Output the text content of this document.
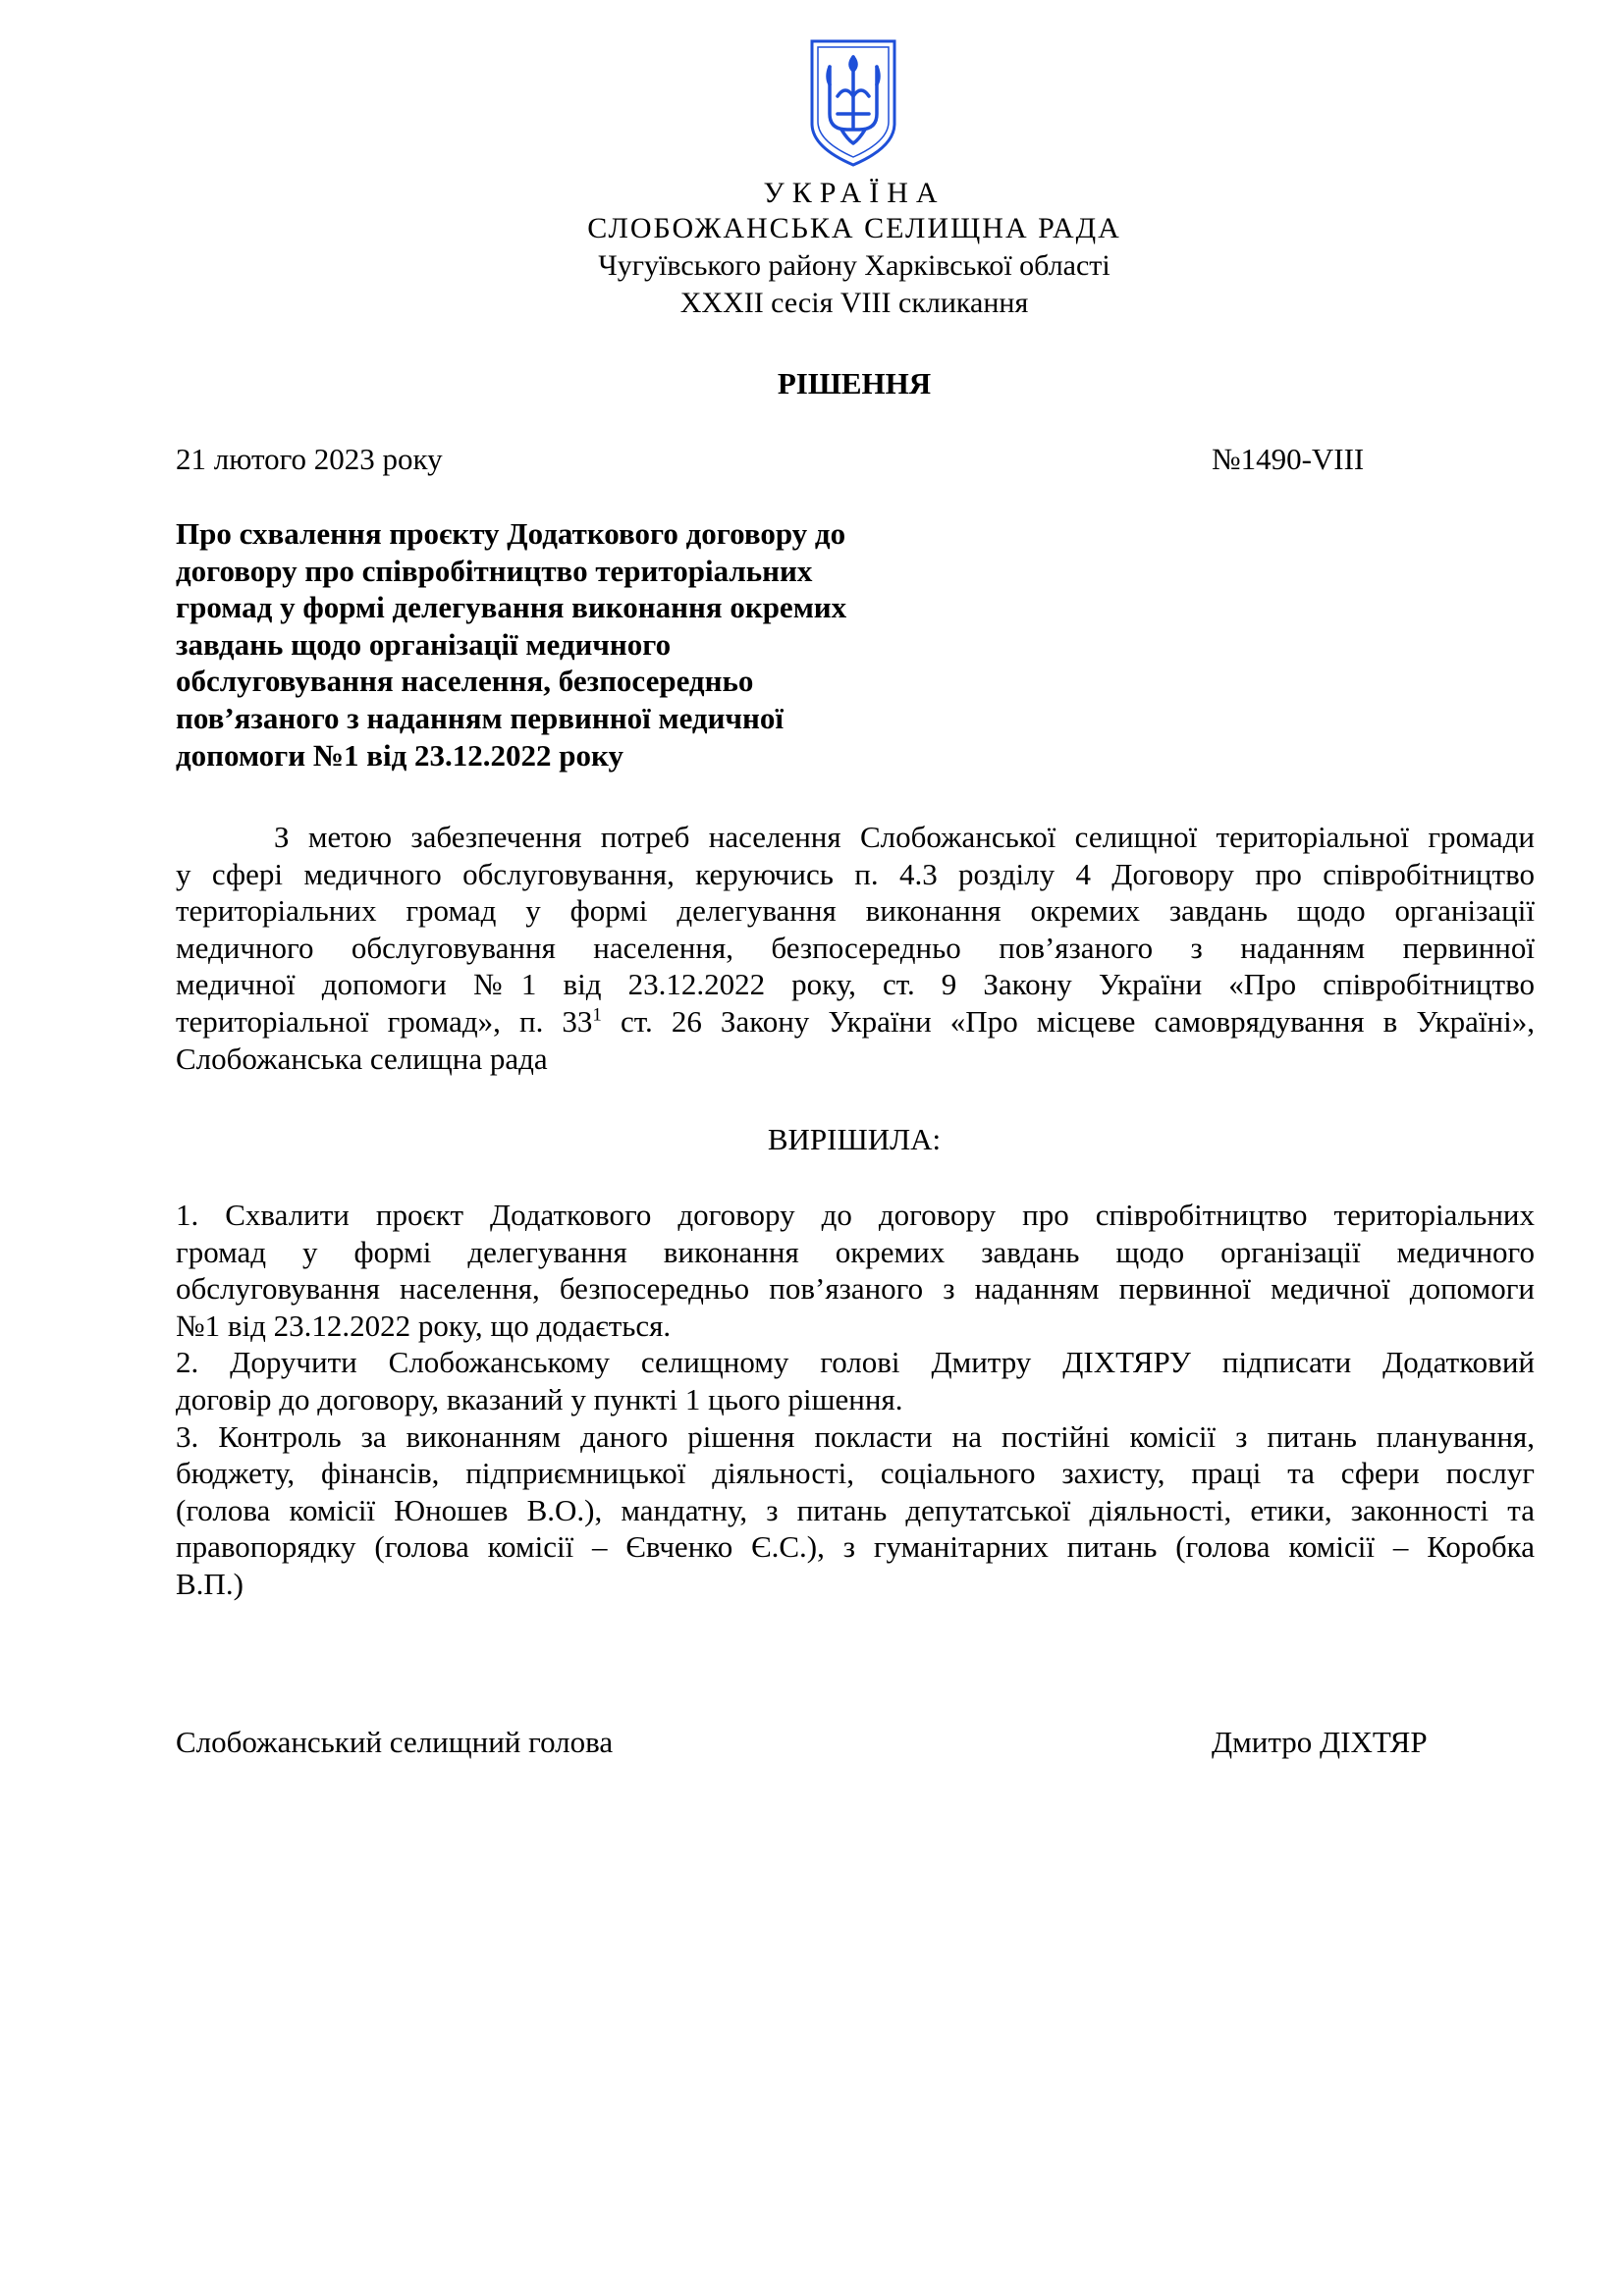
УКРАЇНА
СЛОБОЖАНСЬКА СЕЛИЩНА РАДА
Чугуївського району Харківської області
XXXII сесія VIII скликання
РІШЕННЯ
21 лютого 2023 року	№1490-VIII
Про схвалення проєкту Додаткового договору до
договору про співробітництво територіальних
громад у формі делегування виконання окремих
завдань щодо організації медичного
обслуговування населення, безпосередньо
пов’язаного з наданням первинної медичної
допомоги №1 від 23.12.2022 року
З метою забезпечення потреб населення Слобожанської селищної територіальної громади
у сфері медичного обслуговування, керуючись п. 4.3 розділу 4 Договору про співробітництво
територіальних громад у формі делегування виконання окремих завдань щодо організації
медичного обслуговування населення, безпосередньо пов’язаного з наданням первинної
медичної допомоги №1 від 23.12.2022 року, ст. 9 Закону України «Про співробітництво
територіальної громад», п. $33^1$ ст. 26 Закону України «Про місцеве самоврядування в Україні»,
Слобожанська селищна рада
ВИРІШИЛА:
1. Схвалити проєкт Додаткового договору до договору про співробітництво територіальних
громад у формі делегування виконання окремих завдань щодо організації медичного
обслуговування населення, безпосередньо пов’язаного з наданням первинної медичної допомоги
№1 від 23.12.2022 року, що додається.
2. Доручити Слобожанському селищному голові Дмитру ДІХТЯРУ підписати Додатковий
договір до договору, вказаний у пункті 1 цього рішення.
3. Контроль за виконанням даного рішення покласти на постійні комісії з питань планування,
бюджету, фінансів, підприємницької діяльності, соціального захисту, праці та сфери послуг
(голова комісії Юношев В.О.), мандатну, з питань депутатської діяльності, етики, законності та
правопорядку (голова комісії – Євченко Є.С.), з гуманітарних питань (голова комісії – Коробка
В.П.)
Слобожанський селищний голова	Дмитро ДІХТЯР
